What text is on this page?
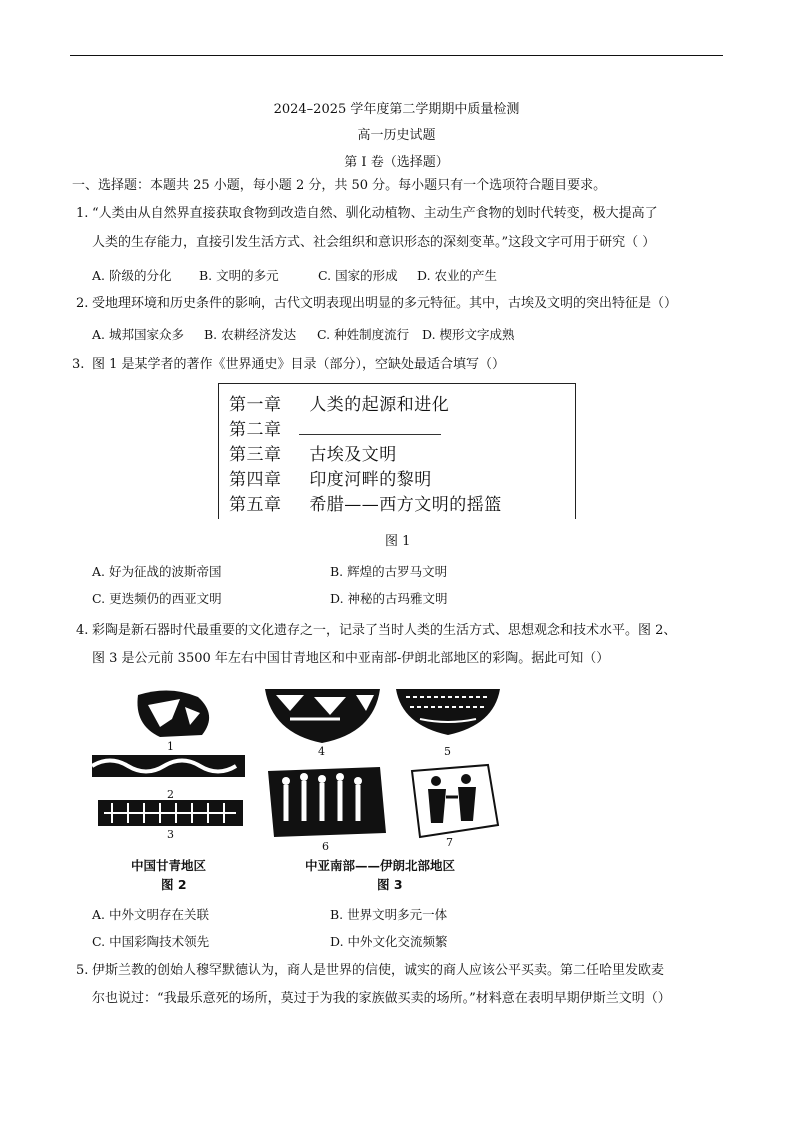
2024–2025 学年度第二学期期中质量检测
高一历史试题
第 Ⅰ 卷（选择题）
一、选择题：本题共 25 小题，每小题 2 分，共 50 分。每小题只有一个选项符合题目要求。
1. “人类由从自然界直接获取食物到改造自然、驯化动植物、主动生产食物的划时代转变，极大提高了
人类的生存能力，直接引发生活方式、社会组织和意识形态的深刻变革。”这段文字可用于研究（ ）
A. 阶级的分化 B. 文明的多元	C. 国家的形成 D. 农业的产生
2. 受地理环境和历史条件的影响，古代文明表现出明显的多元特征。其中，古埃及文明的突出特征是（）
A. 城邦国家众多 B. 农耕经济发达 C. 种姓制度流行 D. 楔形文字成熟
3. 图 1 是某学者的著作《世界通史》目录（部分），空缺处最适合填写（）
第一章 人类的起源和进化
第二章
第三章 古埃及文明
第四章 印度河畔的黎明
第五章 希腊——西方文明的摇篮
图 1
A. 好为征战的波斯帝国	B. 辉煌的古罗马文明
C. 更迭频仍的西亚文明	D. 神秘的古玛雅文明
4. 彩陶是新石器时代最重要的文化遗存之一，记录了当时人类的生活方式、思想观念和技术水平。图 2、
图 3 是公元前 3500 年左右中国甘青地区和中亚南部-伊朗北部地区的彩陶。据此可知（）
1
2
3
4	5
6	7
中国甘青地区
图 2
中亚南部——伊朗北部地区
图 3
A. 中外文明存在关联	B. 世界文明多元一体
C. 中国彩陶技术领先	D. 中外文化交流频繁
5. 伊斯兰教的创始人穆罕默德认为，商人是世界的信使，诚实的商人应该公平买卖。第二任哈里发欧麦
尔也说过：“我最乐意死的场所，莫过于为我的家族做买卖的场所。”材料意在表明早期伊斯兰文明（）
